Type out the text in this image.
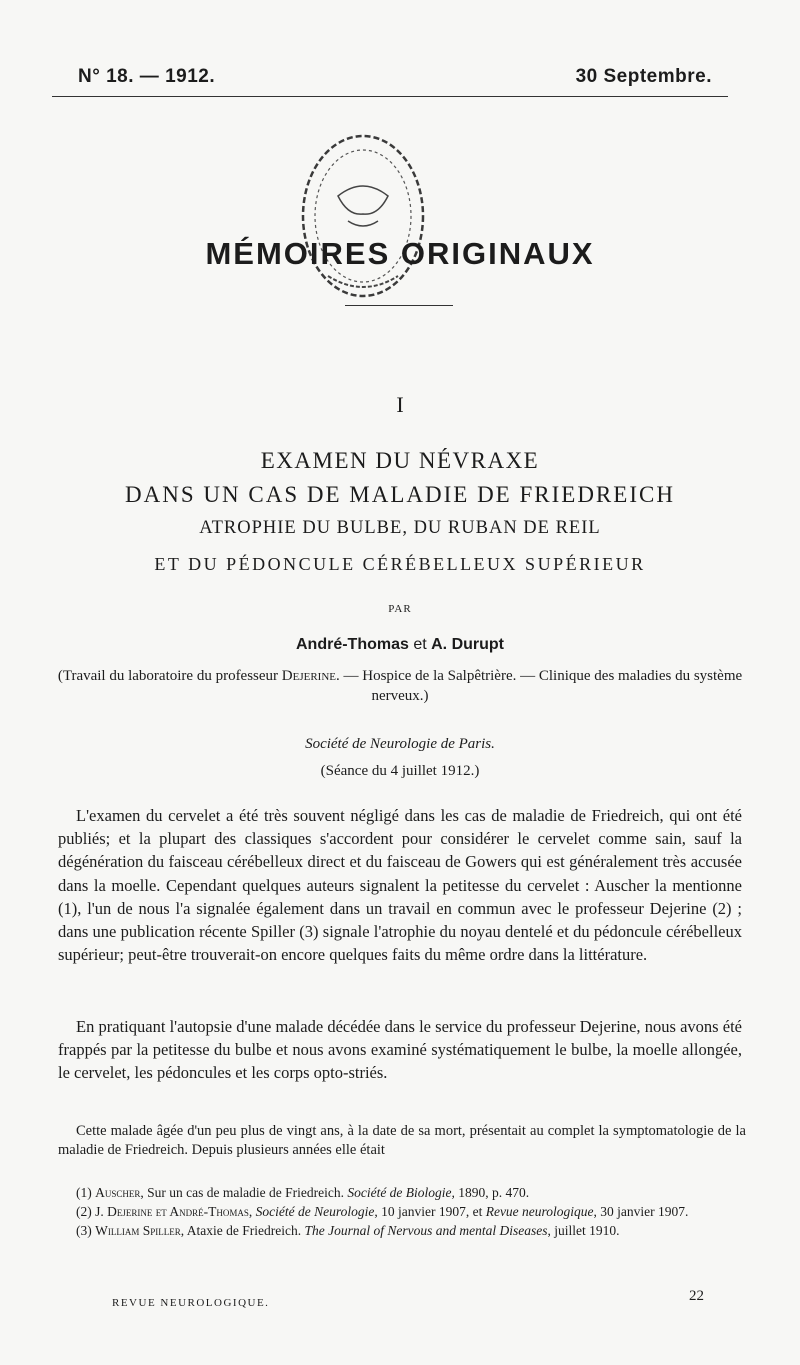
N° 18. — 1912.	30 Septembre.
MÉMOIRES ORIGINAUX
I
EXAMEN DU NÉVRAXE
DANS UN CAS DE MALADIE DE FRIEDREICH
ATROPHIE DU BULBE, DU RUBAN DE REIL
ET DU PÉDONCULE CÉRÉBELLEUX SUPÉRIEUR
PAR
André-Thomas et A. Durupt
(Travail du laboratoire du professeur Dejerine. — Hospice de la Salpêtrière. — Clinique des maladies du système nerveux.)
Société de Neurologie de Paris.
(Séance du 4 juillet 1912.)

L'examen du cervelet a été très souvent négligé dans les cas de maladie de Friedreich, qui ont été publiés; et la plupart des classiques s'accordent pour considérer le cervelet comme sain, sauf la dégénération du faisceau cérébelleux direct et du faisceau de Gowers qui est généralement très accusée dans la moelle. Cependant quelques auteurs signalent la petitesse du cervelet : Auscher la mentionne (1), l'un de nous l'a signalée également dans un travail en commun avec le professeur Dejerine (2) ; dans une publication récente Spiller (3) signale l'atrophie du noyau dentelé et du pédoncule cérébelleux supérieur; peut-être trouverait-on encore quelques faits du même ordre dans la littérature.

En pratiquant l'autopsie d'une malade décédée dans le service du professeur Dejerine, nous avons été frappés par la petitesse du bulbe et nous avons examiné systématiquement le bulbe, la moelle allongée, le cervelet, les pédoncules et les corps opto-striés.

Cette malade âgée d'un peu plus de vingt ans, à la date de sa mort, présentait au complet la symptomatologie de la maladie de Friedreich. Depuis plusieurs années elle était

(1) Auscher, Sur un cas de maladie de Friedreich. Société de Biologie, 1890, p. 470.

(2) J. Dejerine et André-Thomas, Société de Neurologie, 10 janvier 1907, et Revue neurologique, 30 janvier 1907.

(3) William Spiller, Ataxie de Friedreich. The Journal of Nervous and mental Diseases, juillet 1910.

REVUE NEUROLOGIQUE.	22
